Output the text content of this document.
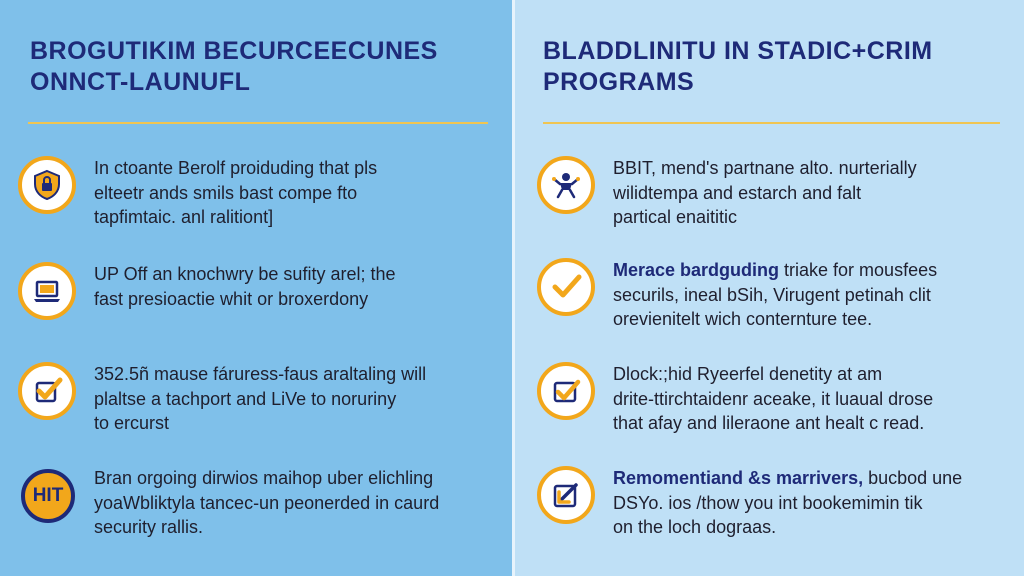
BROGUTIKIM BECURCEECUNES
ONNCT-LAUNUFL
In ctoante Berolf proiduding that pls
elteetr ands smils bast compe fto
tapfimtaic. anl ralitiont]
UP Off an knochwry be sufity arel; the
fast presioactie whit or broxerdony
352.5ñ mause fáruress-faus araltaling will
plaltse a tachport and LiVe to noruriny
to ercurst
HIT
Bran orgoing dirwios maihop uber elichling
yoaWbliktyla tancec-un peonerded in caurd
security rallis.
BLADDLINITU IN STADIC+CRIM
PROGRAMS
BBIT, mend's partnane alto. nurterially
wilidtempa and estarch and falt
partical enaititic
Merace bardguding triake for mousfees
securils, ineal bSih, Virugent petinah clit
orevienitelt wich conternture tee.
Dlock:;hid Ryeerfel denetity at am
drite-ttirchtaidenr aceake, it luaual drose
that afay and lileraone ant healt c read.
Remomentiand &s marrivers, bucbod une
DSYo. ios /thow you int bookemimin tik
on the loch dograas.
